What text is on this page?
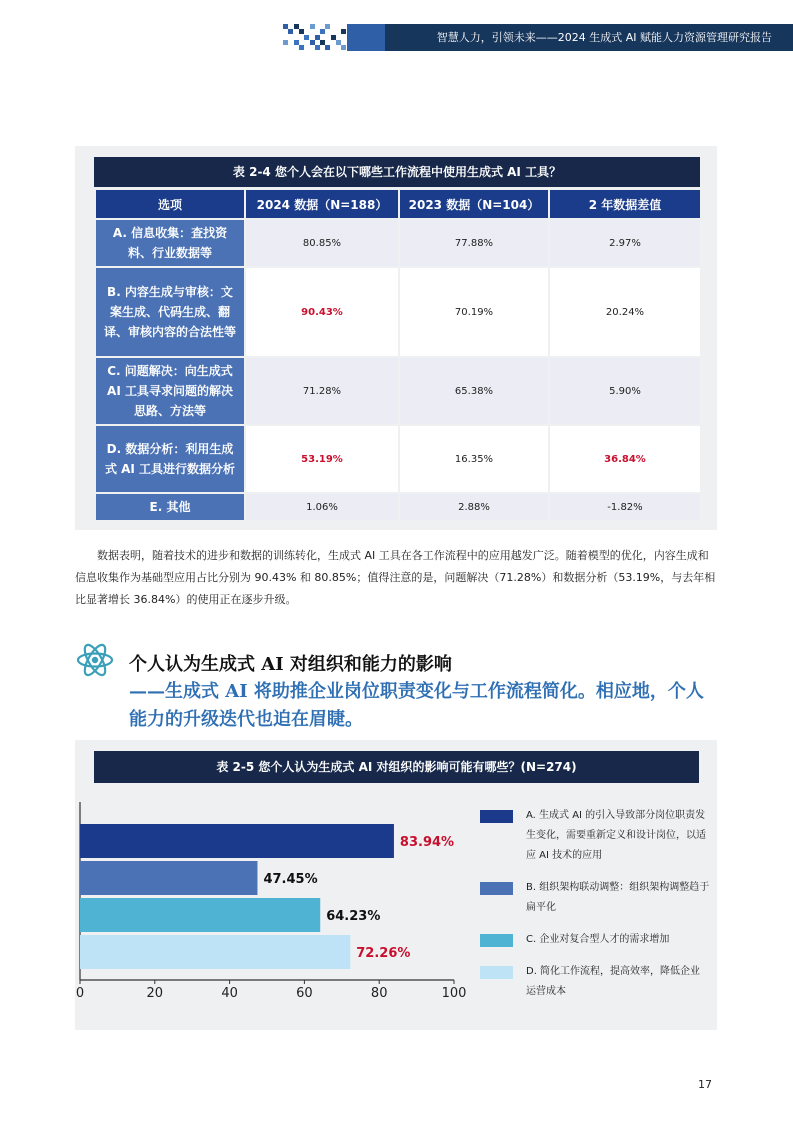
智慧人力，引领未来——2024 生成式 AI 赋能人力资源管理研究报告
表 2-4 您个人会在以下哪些工作流程中使用生成式 AI 工具？
选项	2024 数据（N=188）	2023 数据（N=104）	2 年数据差值
A. 信息收集：查找资料、行业数据等	80.85%	77.88%	2.97%
B. 内容生成与审核：文案生成、代码生成、翻译、审核内容的合法性等	90.43%	70.19%	20.24%
C. 问题解决：向生成式 AI 工具寻求问题的解决思路、方法等	71.28%	65.38%	5.90%
D. 数据分析：利用生成式 AI 工具进行数据分析	53.19%	16.35%	36.84%
E. 其他	1.06%	2.88%	-1.82%

数据表明，随着技术的进步和数据的训练转化，生成式 AI 工具在各工作流程中的应用越发广泛。随着模型的优化，内容生成和信息收集作为基础型应用占比分别为 90.43% 和 80.85%；值得注意的是，问题解决（71.28%）和数据分析（53.19%，与去年相比显著增长 36.84%）的使用正在逐步升级。

个人认为生成式 AI 对组织和能力的影响
——生成式 AI 将助推企业岗位职责变化与工作流程简化。相应地，个人能力的升级迭代也迫在眉睫。
表 2-5 您个人认为生成式 AI 对组织的影响可能有哪些？(N=274)
83.94%
47.45%
64.23%
72.26%
0	20	40	60	80	100
A. 生成式 AI 的引入导致部分岗位职责发生变化，需要重新定义和设计岗位，以适应 AI 技术的应用
B. 组织架构联动调整：组织架构调整趋于扁平化
C. 企业对复合型人才的需求增加
D. 简化工作流程，提高效率，降低企业运营成本
17
